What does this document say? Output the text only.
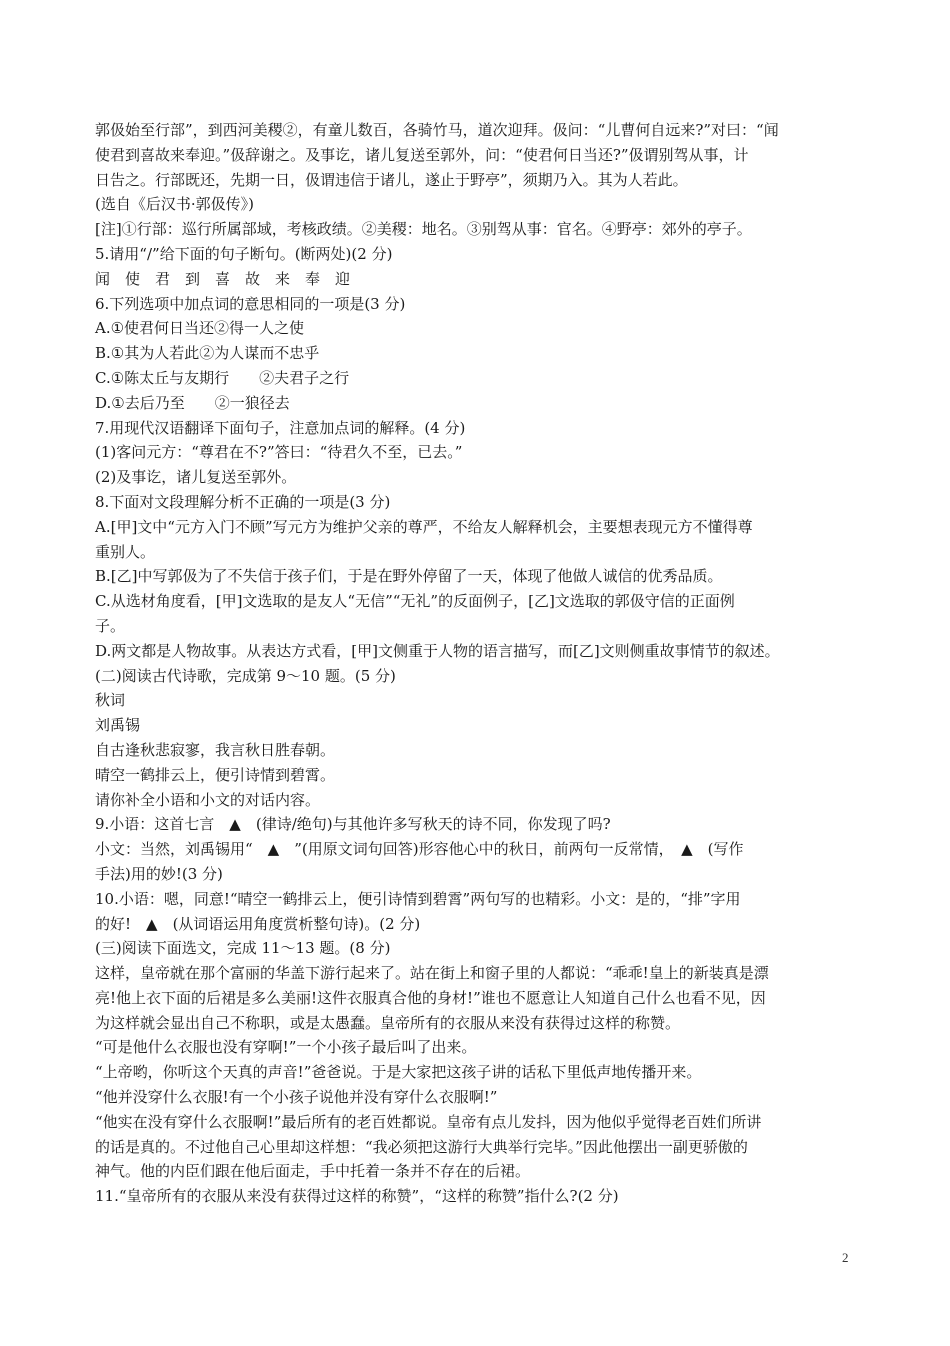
郭伋始至行部”，到西河美稷②，有童儿数百，各骑竹马，道次迎拜。伋问：“儿曹何自远来?”对曰：“闻

使君到喜故来奉迎。”伋辞谢之。及事讫，诸儿复送至郭外，问：“使君何日当还?”伋谓别驾从事，计

日告之。行部既还，先期一日，伋谓违信于诸儿，遂止于野亭”，须期乃入。其为人若此。

(选自《后汉书·郭伋传》)

[注]①行部：巡行所属部域，考核政绩。②美稷：地名。③别驾从事：官名。④野亭：郊外的亭子。

5.请用“/”给下面的句子断句。(断两处)(2 分)

闻　使　君　到　喜　故　来　奉　迎

6.下列选项中加点词的意思相同的一项是(3 分)

A.①使君何日当还②得一人之使

B.①其为人若此②为人谋而不忠乎

C.①陈太丘与友期行　　②夫君子之行

D.①去后乃至　　②一狼径去

7.用现代汉语翻译下面句子，注意加点词的解释。(4 分)

(1)客问元方：“尊君在不?”答曰：“待君久不至，已去。”

(2)及事讫，诸儿复送至郭外。

8.下面对文段理解分析不正确的一项是(3 分)

A.[甲]文中“元方入门不顾”写元方为维护父亲的尊严，不给友人解释机会，主要想表现元方不懂得尊

重别人。

B.[乙]中写郭伋为了不失信于孩子们，于是在野外停留了一天，体现了他做人诚信的优秀品质。

C.从选材角度看，[甲]文选取的是友人“无信”“无礼”的反面例子，[乙]文选取的郭伋守信的正面例

子。

D.两文都是人物故事。从表达方式看，[甲]文侧重于人物的语言描写，而[乙]文则侧重故事情节的叙述。

(二)阅读古代诗歌，完成第 9～10 题。(5 分)

秋词

刘禹锡

自古逢秋悲寂寥，我言秋日胜春朝。

晴空一鹤排云上，便引诗情到碧霄。

请你补全小语和小文的对话内容。

9.小语：这首七言　▲　(律诗/绝句)与其他许多写秋天的诗不同，你发现了吗?

小文：当然，刘禹锡用“　▲　”(用原文词句回答)形容他心中的秋日，前两句一反常情，　▲　(写作

手法)用的妙!(3 分)

10.小语：嗯，同意!“晴空一鹤排云上，便引诗情到碧霄”两句写的也精彩。小文：是的，“排”字用

的好!　▲　(从词语运用角度赏析整句诗)。(2 分)

(三)阅读下面选文，完成 11～13 题。(8 分)

这样，皇帝就在那个富丽的华盖下游行起来了。站在街上和窗子里的人都说：“乖乖!皇上的新装真是漂

亮!他上衣下面的后裙是多么美丽!这件衣服真合他的身材!”谁也不愿意让人知道自己什么也看不见，因

为这样就会显出自己不称职，或是太愚蠢。皇帝所有的衣服从来没有获得过这样的称赞。

“可是他什么衣服也没有穿啊!”一个小孩子最后叫了出来。

“上帝哟，你听这个天真的声音!”爸爸说。于是大家把这孩子讲的话私下里低声地传播开来。

“他并没穿什么衣服!有一个小孩子说他并没有穿什么衣服啊!”

“他实在没有穿什么衣服啊!”最后所有的老百姓都说。皇帝有点儿发抖，因为他似乎觉得老百姓们所讲

的话是真的。不过他自己心里却这样想：“我必须把这游行大典举行完毕。”因此他摆出一副更骄傲的

神气。他的内臣们跟在他后面走，手中托着一条并不存在的后裙。

11.“皇帝所有的衣服从来没有获得过这样的称赞”，“这样的称赞”指什么?(2 分)

2
